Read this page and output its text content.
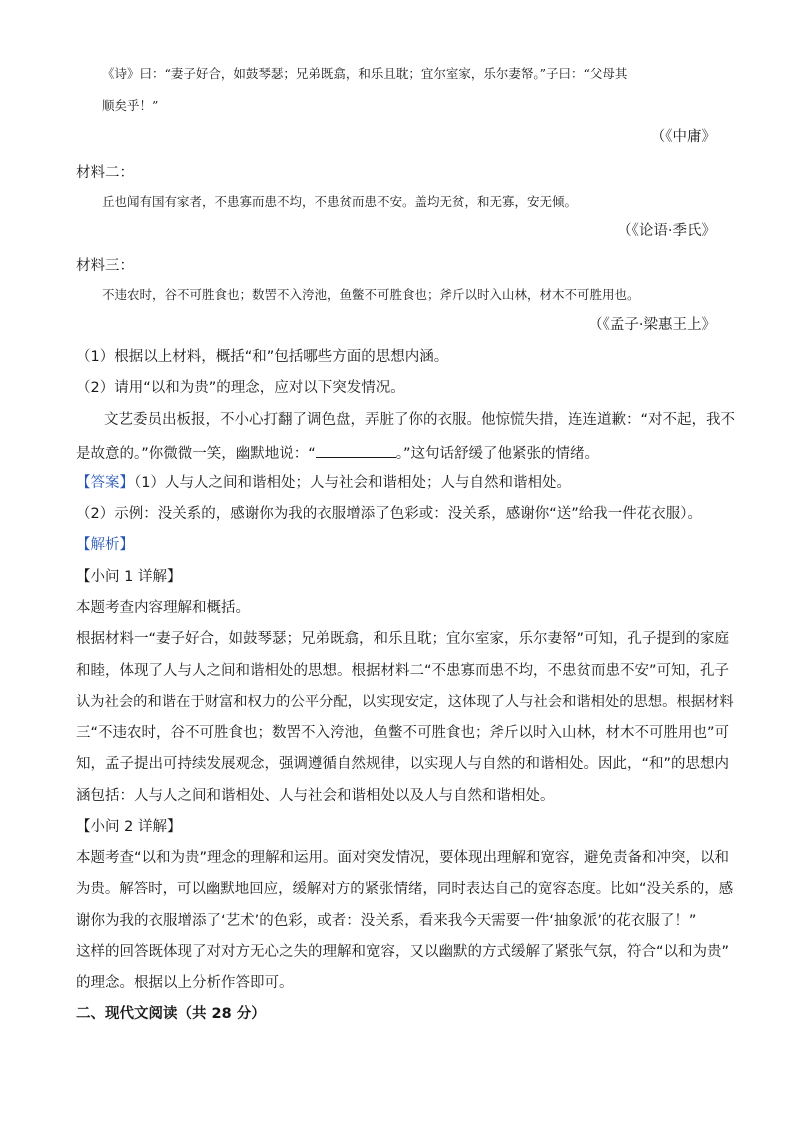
《诗》曰：“妻子好合，如鼓琴瑟；兄弟既翕，和乐且耽；宜尔室家，乐尔妻帑。”子曰：“父母其
顺矣乎！”
（《中庸》
材料二：
丘也闻有国有家者，不患寡而患不均，不患贫而患不安。盖均无贫，和无寡，安无倾。
（《论语·季氏》
材料三：
不违农时，谷不可胜食也；数罟不入洿池，鱼鳖不可胜食也；斧斤以时入山林，材木不可胜用也。
（《孟子·梁惠王上》
（1）根据以上材料，概括“和”包括哪些方面的思想内涵。
（2）请用“以和为贵”的理念，应对以下突发情况。
文艺委员出板报，不小心打翻了调色盘，弄脏了你的衣服。他惊慌失措，连连道歉：“对不起，我不
是故意的。”你微微一笑，幽默地说：“	。”这句话舒缓了他紧张的情绪。
【答案】（1）人与人之间和谐相处；人与社会和谐相处；人与自然和谐相处。
（2）示例：没关系的，感谢你为我的衣服增添了色彩或：没关系，感谢你“送”给我一件花衣服）。
【解析】
【小问 1 详解】
本题考查内容理解和概括。
根据材料一“妻子好合，如鼓琴瑟；兄弟既翕，和乐且耽；宜尔室家，乐尔妻帑”可知，孔子提到的家庭
和睦，体现了人与人之间和谐相处的思想。根据材料二“不患寡而患不均，不患贫而患不安”可知，孔子
认为社会的和谐在于财富和权力的公平分配，以实现安定，这体现了人与社会和谐相处的思想。根据材料
三“不违农时，谷不可胜食也；数罟不入洿池，鱼鳖不可胜食也；斧斤以时入山林，材木不可胜用也”可
知，孟子提出可持续发展观念，强调遵循自然规律，以实现人与自然的和谐相处。因此，“和”的思想内
涵包括：人与人之间和谐相处、人与社会和谐相处以及人与自然和谐相处。
【小问 2 详解】
本题考查“以和为贵”理念的理解和运用。面对突发情况，要体现出理解和宽容，避免责备和冲突，以和
为贵。解答时，可以幽默地回应，缓解对方的紧张情绪，同时表达自己的宽容态度。比如“没关系的，感
谢你为我的衣服增添了‘艺术’的色彩，或者：没关系，看来我今天需要一件‘抽象派’的花衣服了！”
这样的回答既体现了对对方无心之失的理解和宽容，又以幽默的方式缓解了紧张气氛，符合“以和为贵”
的理念。根据以上分析作答即可。
二、现代文阅读（共 28 分）
